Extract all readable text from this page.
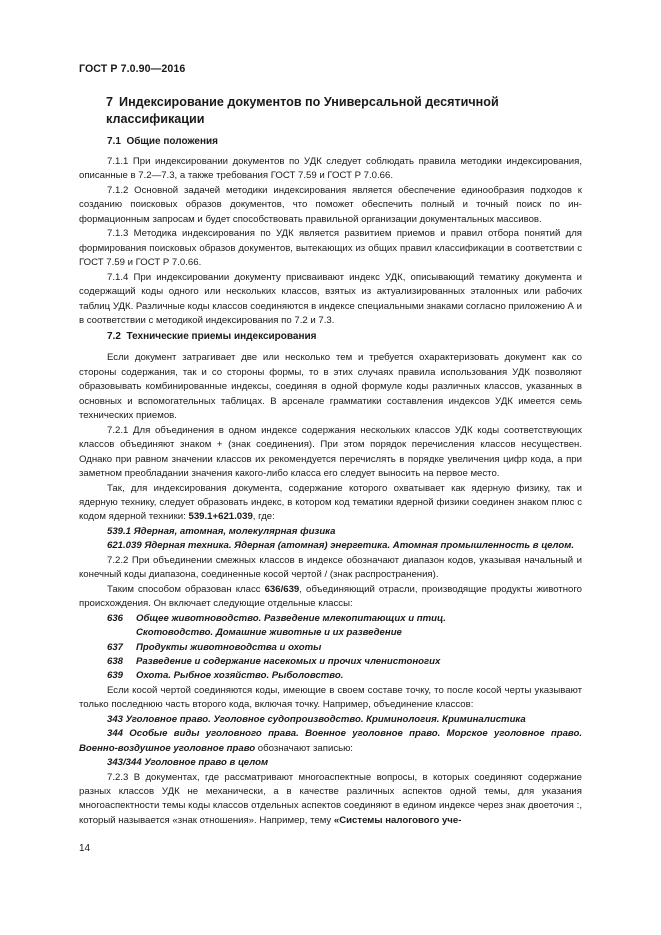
ГОСТ Р 7.0.90—2016
7 Индексирование документов по Универсальной десятичной классификации
7.1 Общие положения

7.1.1 При индексировании документов по УДК следует соблюдать правила методики индексирования, описанные в 7.2—7.3, а также требования ГОСТ 7.59 и ГОСТ Р 7.0.66.

7.1.2 Основной задачей методики индексирования является обеспечение единообразия подходов к созданию поисковых образов документов, что поможет обеспечить полный и точный поиск по информационным запросам и будет способствовать правильной организации документальных массивов.

7.1.3 Методика индексирования по УДК является развитием приемов и правил отбора понятий для формирования поисковых образов документов, вытекающих из общих правил классификации в соответствии с ГОСТ 7.59 и ГОСТ Р 7.0.66.

7.1.4 При индексировании документу присваивают индекс УДК, описывающий тематику документа и содержащий коды одного или нескольких классов, взятых из актуализированных эталонных или рабочих таблиц УДК. Различные коды классов соединяются в индексе специальными знаками согласно приложению А и в соответствии с методикой индексирования по 7.2 и 7.3.

Если документ затрагивает две или несколько тем и требуется охарактеризовать документ как со стороны содержания, так и со стороны формы, то в этих случаях правила использования УДК позволяют образовывать комбинированные индексы, соединяя в одной формуле коды различных классов, указанных в основных и вспомогательных таблицах. В арсенале грамматики составления индексов УДК имеется семь технических приемов.

7.2.1 Для объединения в одном индексе содержания нескольких классов УДК коды соответствующих классов объединяют знаком + (знак соединения). При этом порядок перечисления классов несуществен. Однако при равном значении классов их рекомендуется перечислять в порядке увеличения цифр кода, а при заметном преобладании значения какого-либо класса его следует выносить на первое место.

Так, для индексирования документа, содержание которого охватывает как ядерную физику, так и ядерную технику, следует образовать индекс, в котором код тематики ядерной физики соединен знаком плюс с кодом ядерной техники: 539.1+621.039, где:

539.1 Ядерная, атомная, молекулярная физика
621.039 Ядерная техника. Ядерная (атомная) энергетика. Атомная промышленность в целом.

7.2.2 При объединении смежных классов в индексе обозначают диапазон кодов, указывая начальный и конечный коды диапазона, соединенные косой чертой / (знак распространения).

Таким способом образован класс 636/639, объединяющий отрасли, производящие продукты животного происхождения. Он включает следующие отдельные классы:

636	Общее животноводство. Разведение млекопитающих и птиц.
Скотоводство. Домашние животные и их разведение
637	Продукты животноводства и охоты
638	Разведение и содержание насекомых и прочих членистоногих
639	Охота. Рыбное хозяйство. Рыболовство.

Если косой чертой соединяются коды, имеющие в своем составе точку, то после косой черты указывают только последнюю часть второго кода, включая точку. Например, объединение классов:

343 Уголовное право. Уголовное судопроизводство. Криминология. Криминалистика
344 Особые виды уголовного права. Военное уголовное право. Морское уголовное право. Военно-воздушное уголовное право обозначают записью:
343/344 Уголовное право в целом

7.2.3 В документах, где рассматривают многоаспектные вопросы, в которых соединяют содержание разных классов УДК не механически, а в качестве различных аспектов одной темы, для указания многоаспектности темы коды классов отдельных аспектов соединяют в едином индексе через знак двоеточия :, который называется «знак отношения». Например, тему «Системы налогового уче-

7.2 Технические приемы индексирования
14
